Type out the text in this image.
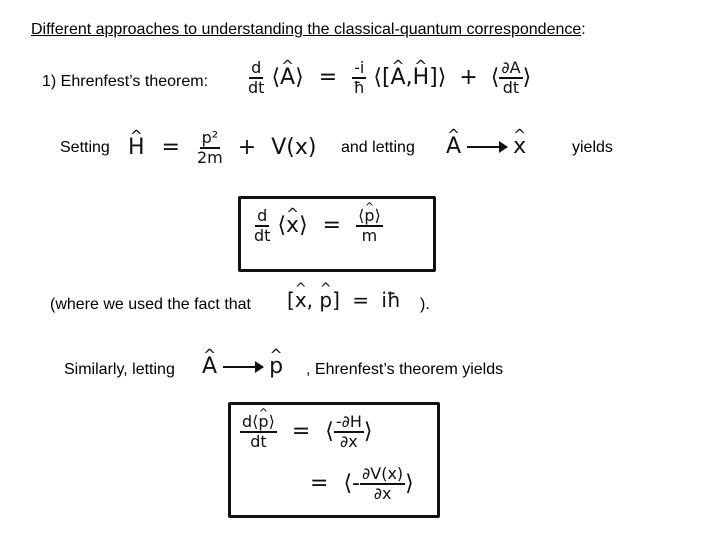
Different approaches to understanding the classical-quantum correspondence:
1) Ehrenfest’s theorem: $\frac{d}{dt}$ ⟨^ A⟩ = $\frac{-i}{ħ}$ ⟨[^ A,^ H]⟩ + ⟨ $\frac{\partial A}{dt}$ ⟩
Setting ^ $H = \frac{\text{p²}}{2m} + V(x)$ and letting ^ A ^ x	yields
$\frac{d}{dt}$ ⟨^ x⟩ = $\frac{⟨\^{} p⟩}{m}$
(where we used the fact that [^ x, ^ p] = iħ ).
Similarly, letting ^ A ^ p , Ehrenfest’s theorem yields
$\frac{d⟨\^{} p⟩}{dt}$ = ⟨ $\frac{-\partial H}{\partial x}$ ⟩
= ⟨- $\frac{\partial V(x)}{\partial x}$ ⟩
